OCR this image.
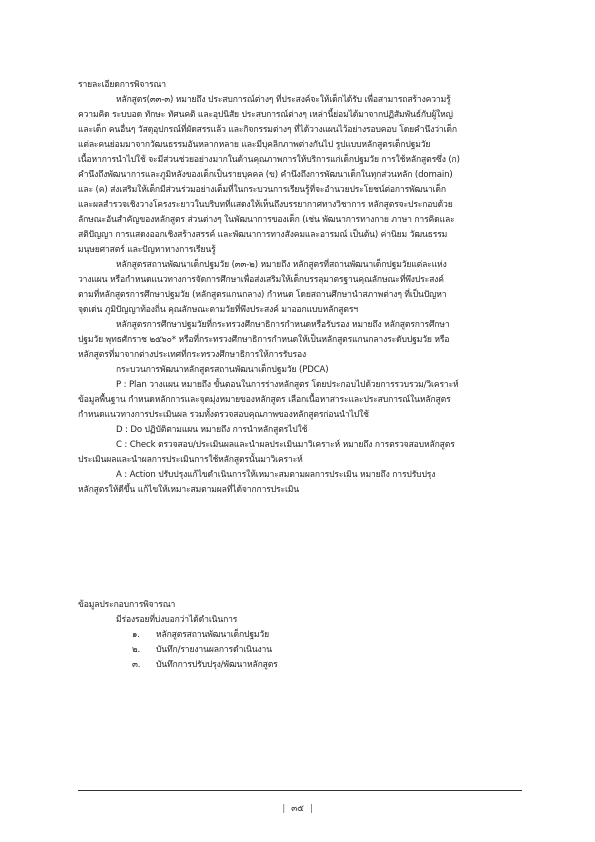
รายละเอียดการพิจารณา

หลักสูตร(๓๓-๓) หมายถึง ประสบการณ์ต่างๆ ที่ประสงค์จะให้เด็กได้รับ เพื่อสามารถสร้างความรู้

ความคิด ระบบอด ทักษะ ทัศนคติ และอุปนิสัย ประสบการณ์ต่างๆ เหล่านี้ย่อมได้มาจากปฏิสัมพันธ์กับผู้ใหญ่

และเด็ก คนอื่นๆ วัสดุอุปกรณ์ที่ผัดสรรแล้ว และกิจกรรมต่างๆ ที่ได้วางแผนไว้อย่างรอบคอบ โดยคำนึงว่าเด็ก

แต่ละคนย่อมมาจากวัฒนธรรมอันหลากหลาย และมีบุคลิกภาพต่างกันไป รูปแบบหลักสูตรเด็กปฐมวัย

เนื้อหาการนำไปใช้ จะมีส่วนช่วยอย่างมากในด้านคุณภาพการให้บริการแก่เด็กปฐมวัย การใช้หลักสูตรซึ่ง (ก)

คำนึงถึงพัฒนาการและภูมิหลังของเด็กเป็นรายบุคคล (ข) คำนึงถึงการพัฒนาเด็กในทุกส่วนหลัก (domain)

และ (ค) ส่งเสริมให้เด็กมีส่วนร่วมอย่างเต็มที่ในกระบวนการเรียนรู้ที่จะอำนวยประโยชน์ต่อการพัฒนาเด็ก

และผลสำรวจเชิงวางโครงระยาวในบริบทที่แสดงให้เห็นถึงบรรยากาศทางวิชาการ หลักสูตรจะประกอบด้วย

ลักษณะอันสำคัญของหลักสูตร ส่วนต่างๆ ในพัฒนาการของเด็ก (เช่น พัฒนาการทางกาย ภาษา การคิดและ

สติปัญญา การแสดงออกเชิงสร้างสรรค์ และพัฒนาการทางสังคมและอารมณ์ เป็นต้น) ค่านิยม วัฒนธรรม

มนุษยศาสตร์ และปัญหาทางการเรียนรู้

หลักสูตรสถานพัฒนาเด็กปฐมวัย (๓๓-๒) หมายถึง หลักสูตรที่สถานพัฒนาเด็กปฐมวัยแต่ละแห่ง

วางแผน หรือกำหนดแนวทางการจัดการศึกษาเพื่อส่งเสริมให้เด็กบรรลุมาตรฐานคุณลักษณะที่พึงประสงค์

ตามที่หลักสูตรการศึกษาปฐมวัย (หลักสูตรแกนกลาง) กำหนด โดยสถานศึกษานำสภาพต่างๆ ที่เป็นปัญหา

จุดเด่น ภูมิปัญญาท้องถิ่น คุณลักษณะตามวัยที่พึงประสงค์ มาออกแบบหลักสูตรฯ

หลักสูตรการศึกษาปฐมวัยที่กระทรวงศึกษาธิการกำหนดหรือรับรอง หมายถึง หลักสูตรการศึกษา

ปฐมวัย พุทธศักราช ๒๕๖๐* หรือที่กระทรวงศึกษาธิการกำหนดให้เป็นหลักสูตรแกนกลางระดับปฐมวัย หรือ

หลักสูตรที่มาจากต่างประเทศที่กระทรวงศึกษาธิการให้การรับรอง

กระบวนการพัฒนาหลักสูตรสถานพัฒนาเด็กปฐมวัย (PDCA)

P : Plan วางแผน หมายถึง ขั้นตอนในการร่างหลักสูตร โดยประกอบไปด้วยการรวบรวม/วิเคราะห์

ข้อมูลพื้นฐาน กำหนดหลักการและจุดมุ่งหมายของหลักสูตร เลือกเนื้อหาสาระและประสบการณ์ในหลักสูตร

กำหนดแนวทางการประเมินผล รวมทั้งตรวจสอบคุณภาพของหลักสูตรก่อนนำไปใช้

D : Do ปฏิบัติตามแผน หมายถึง การนำหลักสูตรไปใช้

C : Check ตรวจสอบ/ประเมินผลและนำผลประเมินมาวิเคราะห์ หมายถึง การตรวจสอบหลักสูตร

ประเมินผลและนำผลการประเมินการใช้หลักสูตรนั้นมาวิเคราะห์

A : Action ปรับปรุงแก้ไขดำเนินการให้เหมาะสมตามผลการประเมิน หมายถึง การปรับปรุง

หลักสูตรให้ดีขึ้น แก้ไขให้เหมาะสมตามผลที่ได้จากการประเมิน

ข้อมูลประกอบการพิจารณา

มีร่องรอยที่บ่งบอกว่าได้ดำเนินการ

๑. หลักสูตรสถานพัฒนาเด็กปฐมวัย

๒. บันทึก/รายงานผลการดำเนินงาน

๓. บันทึกการปรับปรุง/พัฒนาหลักสูตร

| ๓๕ |
